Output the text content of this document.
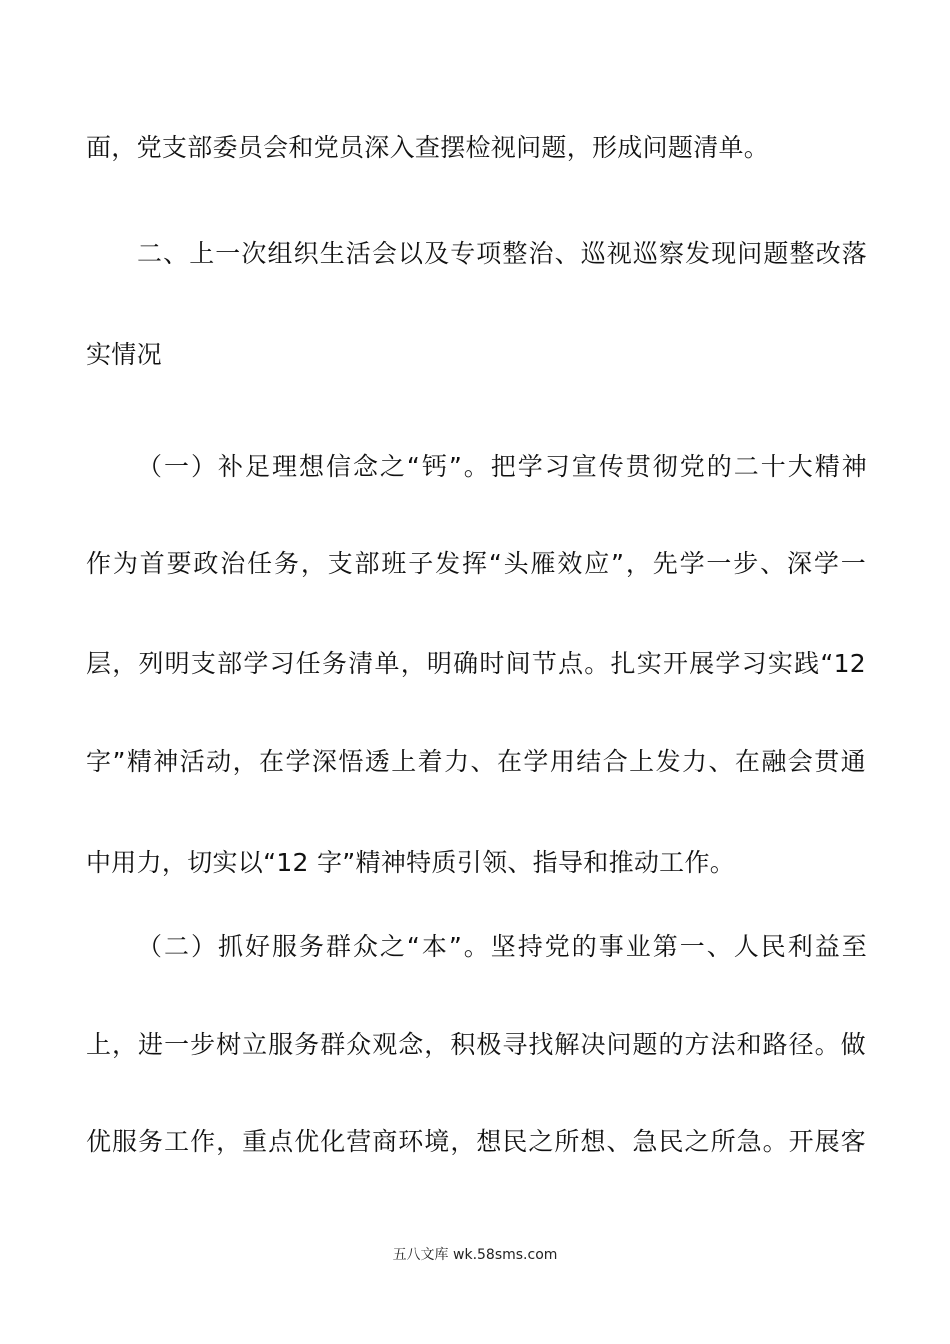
面，党支部委员会和党员深入查摆检视问题，形成问题清单。
二、上一次组织生活会以及专项整治、巡视巡察发现问题整改落
实情况
（一）补足理想信念之“钙”。把学习宣传贯彻党的二十大精神
作为首要政治任务，支部班子发挥“头雁效应”，先学一步、深学一
层，列明支部学习任务清单，明确时间节点。扎实开展学习实践“12
字”精神活动，在学深悟透上着力、在学用结合上发力、在融会贯通
中用力，切实以“12 字”精神特质引领、指导和推动工作。
（二）抓好服务群众之“本”。坚持党的事业第一、人民利益至
上，进一步树立服务群众观念，积极寻找解决问题的方法和路径。做
优服务工作，重点优化营商环境，想民之所想、急民之所急。开展客
五八文库 wk.58sms.com
